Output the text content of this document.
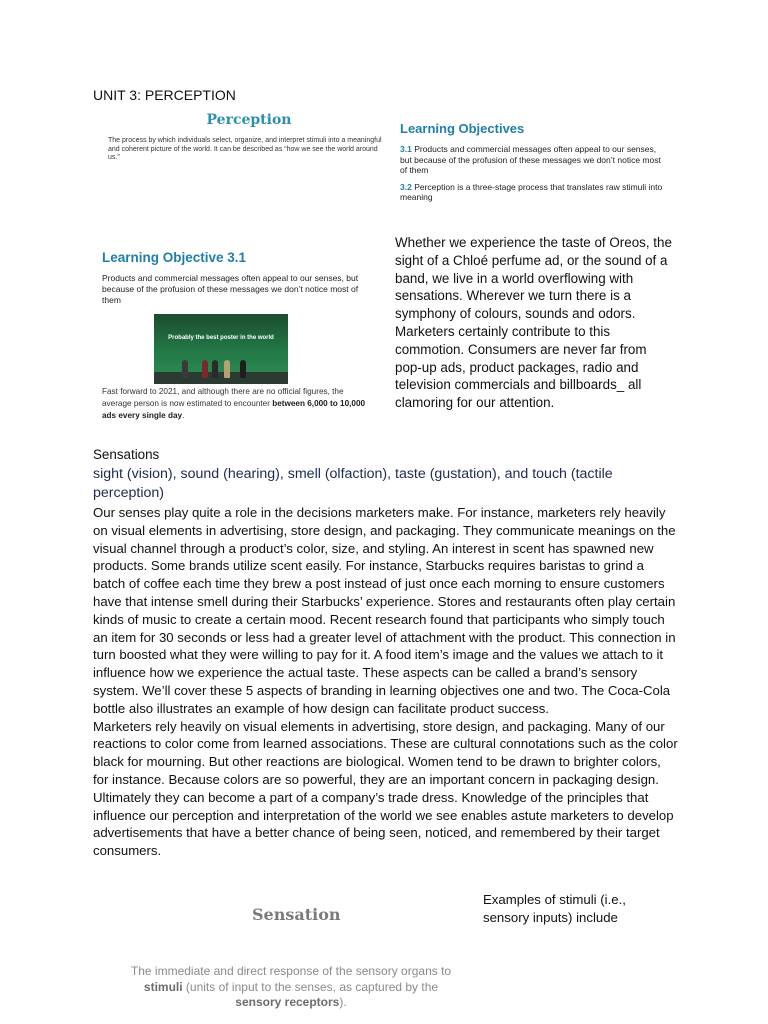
UNIT 3: PERCEPTION
Perception
The process by which individuals select, organize, and interpret stimuli into a meaningful and coherent picture of the world. It can be described as “how we see the world around us.”
Learning Objectives
3.1 Products and commercial messages often appeal to our senses, but because of the profusion of these messages we don’t notice most of them
3.2 Perception is a three-stage process that translates raw stimuli into meaning
Learning Objective 3.1
Products and commercial messages often appeal to our senses, but because of the profusion of these messages we don’t notice most of them
Probably the best poster in the world
Fast forward to 2021, and although there are no official figures, the average person is now estimated to encounter between 6,000 to 10,000 ads every single day.
Whether we experience the taste of Oreos, the sight of a Chloé perfume ad, or the sound of a band, we live in a world overflowing with sensations. Wherever we turn there is a symphony of colours, sounds and odors. Marketers certainly contribute to this commotion. Consumers are never far from pop-up ads, product packages, radio and television commercials and billboards_ all clamoring for our attention.
Sensations
sight (vision), sound (hearing), smell (olfaction), taste (gustation), and touch (tactile perception)

Our senses play quite a role in the decisions marketers make. For instance, marketers rely heavily on visual elements in advertising, store design, and packaging. They communicate meanings on the visual channel through a product’s color, size, and styling. An interest in scent has spawned new products. Some brands utilize scent easily. For instance, Starbucks requires baristas to grind a batch of coffee each time they brew a post instead of just once each morning to ensure customers have that intense smell during their Starbucks’ experience. Stores and restaurants often play certain kinds of music to create a certain mood. Recent research found that participants who simply touch an item for 30 seconds or less had a greater level of attachment with the product. This connection in turn boosted what they were willing to pay for it. A food item’s image and the values we attach to it influence how we experience the actual taste. These aspects can be called a brand’s sensory system. We’ll cover these 5 aspects of branding in learning objectives one and two. The Coca-Cola bottle also illustrates an example of how design can facilitate product success.

Marketers rely heavily on visual elements in advertising, store design, and packaging. Many of our reactions to color come from learned associations. These are cultural connotations such as the color black for mourning. But other reactions are biological. Women tend to be drawn to brighter colors, for instance. Because colors are so powerful, they are an important concern in packaging design. Ultimately they can become a part of a company’s trade dress. Knowledge of the principles that influence our perception and interpretation of the world we see enables astute marketers to develop advertisements that have a better chance of being seen, noticed, and remembered by their target consumers.

Sensation
The immediate and direct response of the sensory organs to
stimuli (units of input to the senses, as captured by the
sensory receptors).
Examples of stimuli (i.e., sensory inputs) include
